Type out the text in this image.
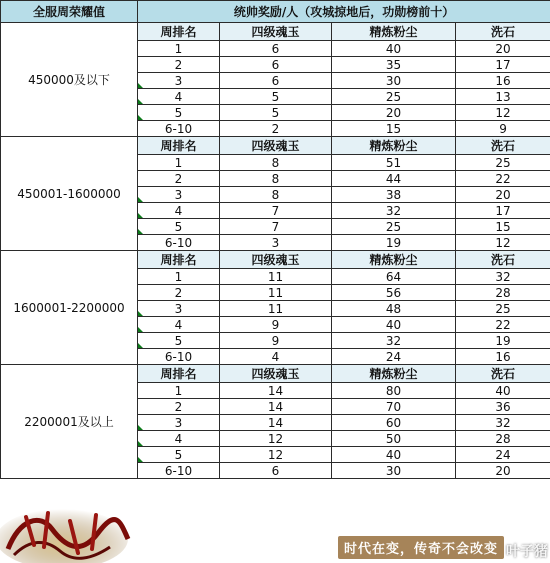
全服周荣耀值	统帅奖励/人（攻城掠地后，功勋榜前十）			
450000及以下	周排名	四级魂玉	精炼粉尘	洗石
	1	6	40	20
	2	6	35	17
	3	6	30	16
	4	5	25	13
	5	5	20	12
	6-10	2	15	9
450001-1600000	周排名	四级魂玉	精炼粉尘	洗石
	1	8	51	25
	2	8	44	22
	3	8	38	20
	4	7	32	17
	5	7	25	15
	6-10	3	19	12
1600001-2200000	周排名	四级魂玉	精炼粉尘	洗石
	1	11	64	32
	2	11	56	28
	3	11	48	25
	4	9	40	22
	5	9	32	19
	6-10	4	24	16
2200001及以上	周排名	四级魂玉	精炼粉尘	洗石
	1	14	80	40
	2	14	70	36
	3	14	60	32
	4	12	50	28
	5	12	40	24
	6-10	6	30	20
时代在变，传奇不会改变 叶子猪
